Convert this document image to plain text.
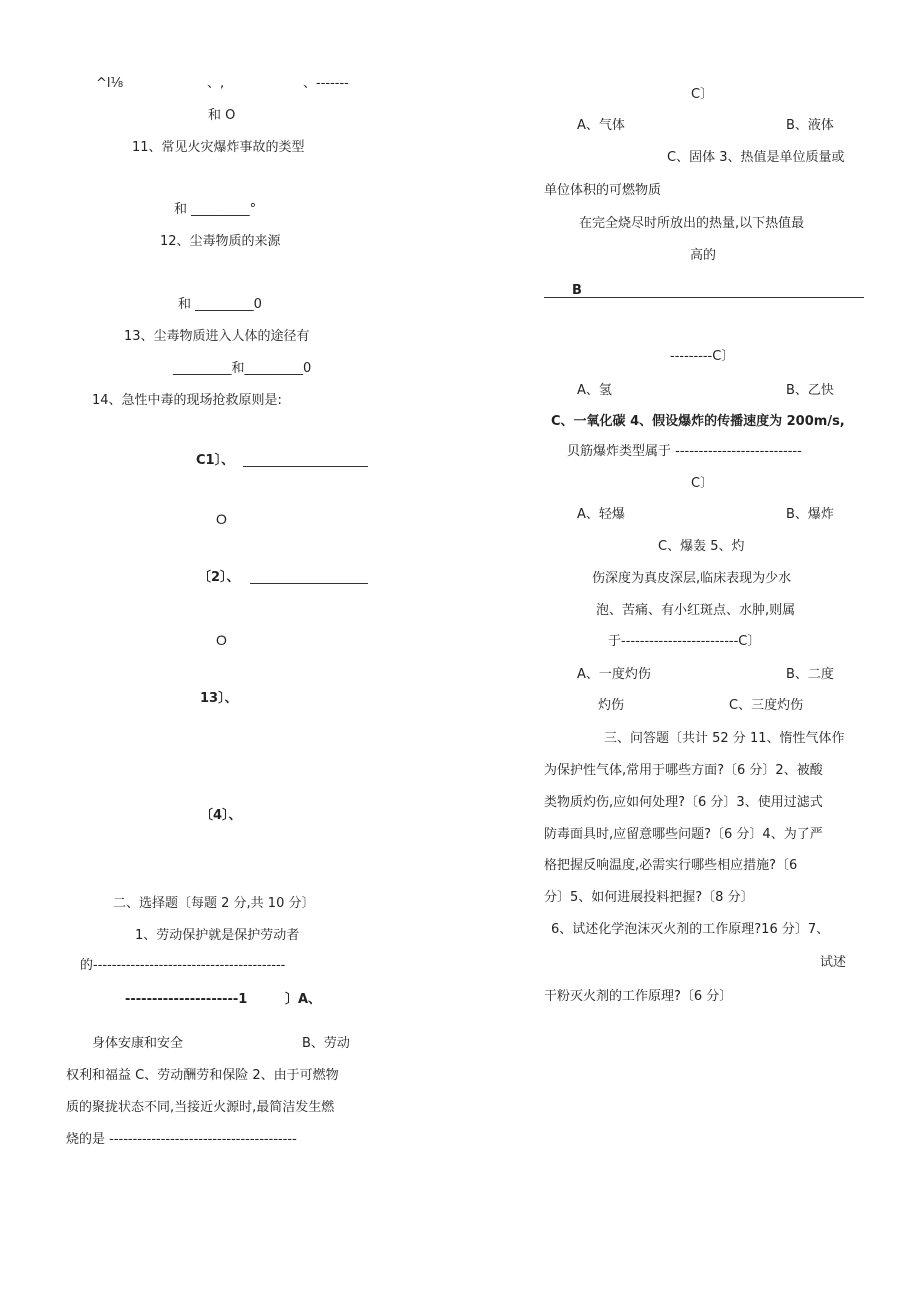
^l⅛	、,	、-------
和 O
11、常见火灾爆炸事故的类型
和 _________°
12、尘毒物质的来源
和 _________0
13、尘毒物质进入人体的途径有
_________和_________0
14、急性中毒的现场抢救原则是:
C1〕、
O
〔2〕、
O
13〕、
〔4〕、
二、选择题〔每题 2 分,共 10 分〕
1、劳动保护就是保护劳动者
的-----------------------------------------
---------------------1	〕A、
身体安康和安全	B、劳动
权利和福益 C、劳动酬劳和保险 2、由于可燃物
质的聚拢状态不同,当接近火源时,最简洁发生燃
烧的是 ----------------------------------------
C〕
A、气体	B、液体
C、固体 3、热值是单位质量或
单位体积的可燃物质
在完全烧尽时所放出的热量,以下热值最
高的
B
---------C〕
A、氢	B、乙快
C、一氧化碳 4、假设爆炸的传播速度为 200m/s,
贝筋爆炸类型属于 ---------------------------
C〕
A、轻爆	B、爆炸
C、爆轰 5、灼
伤深度为真皮深层,临床表现为少水
泡、苦痛、有小红斑点、水肿,则属
于-------------------------C〕
A、一度灼伤	B、二度
灼伤	C、三度灼伤
三、问答题〔共计 52 分 11、惰性气体作
为保护性气体,常用于哪些方面?〔6 分〕2、被酸
类物质灼伤,应如何处理?〔6 分〕3、使用过滤式
防毒面具时,应留意哪些问题?〔6 分〕4、为了严
格把握反响温度,必需实行哪些相应措施?〔6
分〕5、如何进展投料把握?〔8 分〕
6、试述化学泡沫灭火剂的工作原理?16 分〕7、
试述
干粉灭火剂的工作原理?〔6 分〕
